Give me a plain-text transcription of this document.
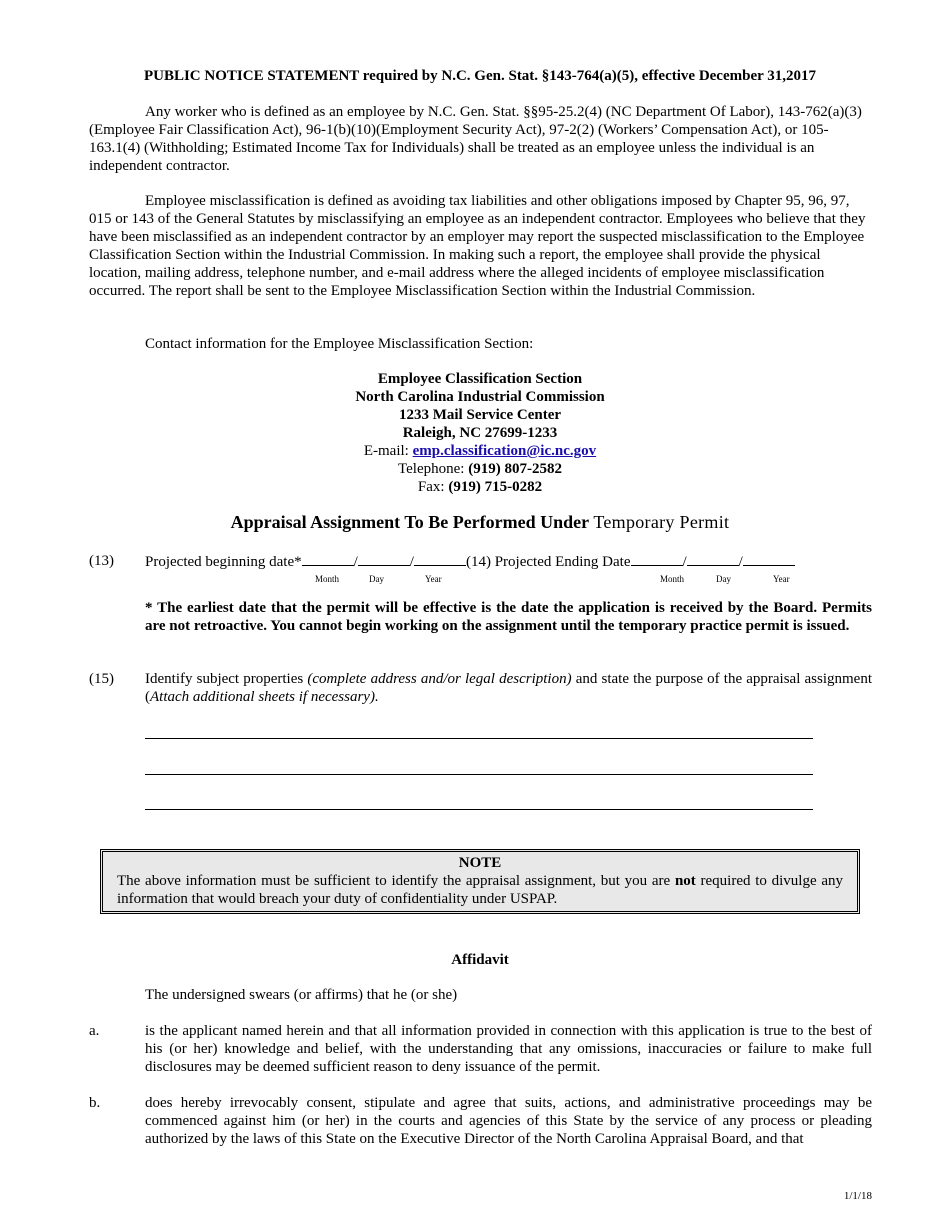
PUBLIC NOTICE STATEMENT required by N.C. Gen. Stat. §143-764(a)(5), effective December 31,2017
Any worker who is defined as an employee by N.C. Gen. Stat. §§95-25.2(4) (NC Department Of Labor), 143-762(a)(3) (Employee Fair Classification Act), 96-1(b)(10)(Employment Security Act), 97-2(2) (Workers’ Compensation Act), or 105-163.1(4) (Withholding; Estimated Income Tax for Individuals) shall be treated as an employee unless the individual is an independent contractor.
Employee misclassification is defined as avoiding tax liabilities and other obligations imposed by Chapter 95, 96, 97, 015 or 143 of the General Statutes by misclassifying an employee as an independent contractor. Employees who believe that they have been misclassified as an independent contractor by an employer may report the suspected misclassification to the Employee Classification Section within the Industrial Commission. In making such a report, the employee shall provide the physical location, mailing address, telephone number, and e-mail address where the alleged incidents of employee misclassification occurred. The report shall be sent to the Employee Misclassification Section within the Industrial Commission.
Contact information for the Employee Misclassification Section:
Employee Classification Section
North Carolina Industrial Commission
1233 Mail Service Center
Raleigh, NC 27699-1233
E-mail: emp.classification@ic.nc.gov
Telephone: (919) 807-2582
Fax: (919) 715-0282
Appraisal Assignment To Be Performed Under Temporary Permit
(13) Projected beginning date*	/	/	(14) Projected Ending Date	/	/
Month	Day	Year	Month	Day	Year
* The earliest date that the permit will be effective is the date the application is received by the Board. Permits are not retroactive. You cannot begin working on the assignment until the temporary practice permit is issued.
(15) Identify subject properties (complete address and/or legal description) and state the purpose of the appraisal assignment (Attach additional sheets if necessary).
NOTE
The above information must be sufficient to identify the appraisal assignment, but you are not required to divulge any information that would breach your duty of confidentiality under USPAP.
Affidavit
The undersigned swears (or affirms) that he (or she)
a.	is the applicant named herein and that all information provided in connection with this application is true to the best of his (or her) knowledge and belief, with the understanding that any omissions, inaccuracies or failure to make full disclosures may be deemed sufficient reason to deny issuance of the permit.
b.	does hereby irrevocably consent, stipulate and agree that suits, actions, and administrative proceedings may be commenced against him (or her) in the courts and agencies of this State by the service of any process or pleading authorized by the laws of this State on the Executive Director of the North Carolina Appraisal Board, and that
1/1/18
